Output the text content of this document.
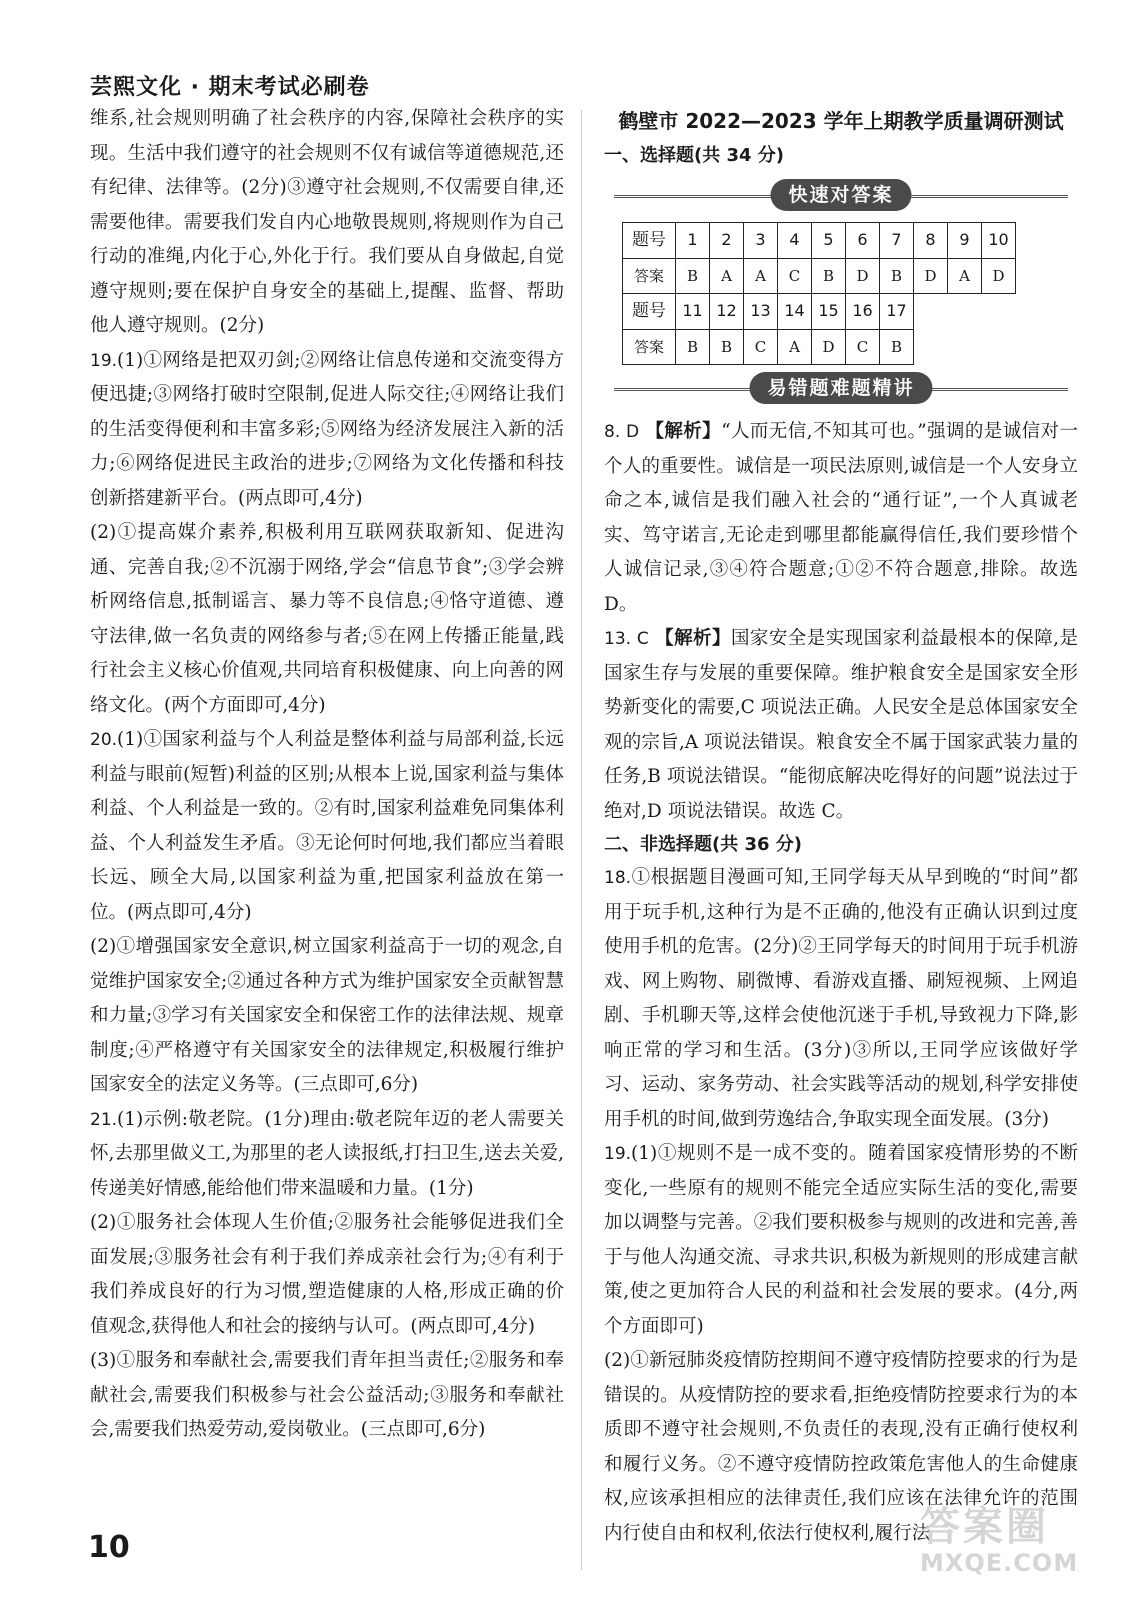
芸熙文化 · 期末考试必刷卷

维系,社会规则明确了社会秩序的内容,保障社会秩序的实现。生活中我们遵守的社会规则不仅有诚信等道德规范,还有纪律、法律等。(2分)③遵守社会规则,不仅需要自律,还需要他律。需要我们发自内心地敬畏规则,将规则作为自己行动的准绳,内化于心,外化于行。我们要从自身做起,自觉遵守规则;要在保护自身安全的基础上,提醒、监督、帮助他人遵守规则。(2分)

19.(1)①网络是把双刃剑;②网络让信息传递和交流变得方便迅捷;③网络打破时空限制,促进人际交往;④网络让我们的生活变得便利和丰富多彩;⑤网络为经济发展注入新的活力;⑥网络促进民主政治的进步;⑦网络为文化传播和科技创新搭建新平台。(两点即可,4分)

(2)①提高媒介素养,积极利用互联网获取新知、促进沟通、完善自我;②不沉溺于网络,学会“信息节食”;③学会辨析网络信息,抵制谣言、暴力等不良信息;④恪守道德、遵守法律,做一名负责的网络参与者;⑤在网上传播正能量,践行社会主义核心价值观,共同培育积极健康、向上向善的网络文化。(两个方面即可,4分)

20.(1)①国家利益与个人利益是整体利益与局部利益,长远利益与眼前(短暂)利益的区别;从根本上说,国家利益与集体利益、个人利益是一致的。②有时,国家利益难免同集体利益、个人利益发生矛盾。③无论何时何地,我们都应当着眼长远、顾全大局,以国家利益为重,把国家利益放在第一位。(两点即可,4分)

(2)①增强国家安全意识,树立国家利益高于一切的观念,自觉维护国家安全;②通过各种方式为维护国家安全贡献智慧和力量;③学习有关国家安全和保密工作的法律法规、规章制度;④严格遵守有关国家安全的法律规定,积极履行维护国家安全的法定义务等。(三点即可,6分)

21.(1)示例:敬老院。(1分)理由:敬老院年迈的老人需要关怀,去那里做义工,为那里的老人读报纸,打扫卫生,送去关爱,传递美好情感,能给他们带来温暖和力量。(1分)

(2)①服务社会体现人生价值;②服务社会能够促进我们全面发展;③服务社会有利于我们养成亲社会行为;④有利于我们养成良好的行为习惯,塑造健康的人格,形成正确的价值观念,获得他人和社会的接纳与认可。(两点即可,4分)

(3)①服务和奉献社会,需要我们青年担当责任;②服务和奉献社会,需要我们积极参与社会公益活动;③服务和奉献社会,需要我们热爱劳动,爱岗敬业。(三点即可,6分)

鹤壁市 2022—2023 学年上期教学质量调研测试
一、选择题(共 34 分)
快速对答案
题号	1	2	3	4	5	6	7	8	9	10
答案	B	A	A	C	B	D	B	D	A	D
题号	11	12	13	14	15	16	17			
答案	B	B	C	A	D	C	B			
易错题难题精讲

8. D 【解析】“人而无信,不知其可也。”强调的是诚信对一个人的重要性。诚信是一项民法原则,诚信是一个人安身立命之本,诚信是我们融入社会的“通行证”,一个人真诚老实、笃守诺言,无论走到哪里都能赢得信任,我们要珍惜个人诚信记录,③④符合题意;①②不符合题意,排除。故选 D。

13. C 【解析】国家安全是实现国家利益最根本的保障,是国家生存与发展的重要保障。维护粮食安全是国家安全形势新变化的需要,C 项说法正确。人民安全是总体国家安全观的宗旨,A 项说法错误。粮食安全不属于国家武装力量的任务,B 项说法错误。“能彻底解决吃得好的问题”说法过于绝对,D 项说法错误。故选 C。

二、非选择题(共 36 分)

18.①根据题目漫画可知,王同学每天从早到晚的“时间”都用于玩手机,这种行为是不正确的,他没有正确认识到过度使用手机的危害。(2分)②王同学每天的时间用于玩手机游戏、网上购物、刷微博、看游戏直播、刷短视频、上网追剧、手机聊天等,这样会使他沉迷于手机,导致视力下降,影响正常的学习和生活。(3分)③所以,王同学应该做好学习、运动、家务劳动、社会实践等活动的规划,科学安排使用手机的时间,做到劳逸结合,争取实现全面发展。(3分)

19.(1)①规则不是一成不变的。随着国家疫情形势的不断变化,一些原有的规则不能完全适应实际生活的变化,需要加以调整与完善。②我们要积极参与规则的改进和完善,善于与他人沟通交流、寻求共识,积极为新规则的形成建言献策,使之更加符合人民的利益和社会发展的要求。(4分,两个方面即可)

(2)①新冠肺炎疫情防控期间不遵守疫情防控要求的行为是错误的。从疫情防控的要求看,拒绝疫情防控要求行为的本质即不遵守社会规则,不负责任的表现,没有正确行使权利和履行义务。②不遵守疫情防控政策危害他人的生命健康权,应该承担相应的法律责任,我们应该在法律允许的范围内行使自由和权利,依法行使权利,履行法

10	答案圈
MXQE.COM
